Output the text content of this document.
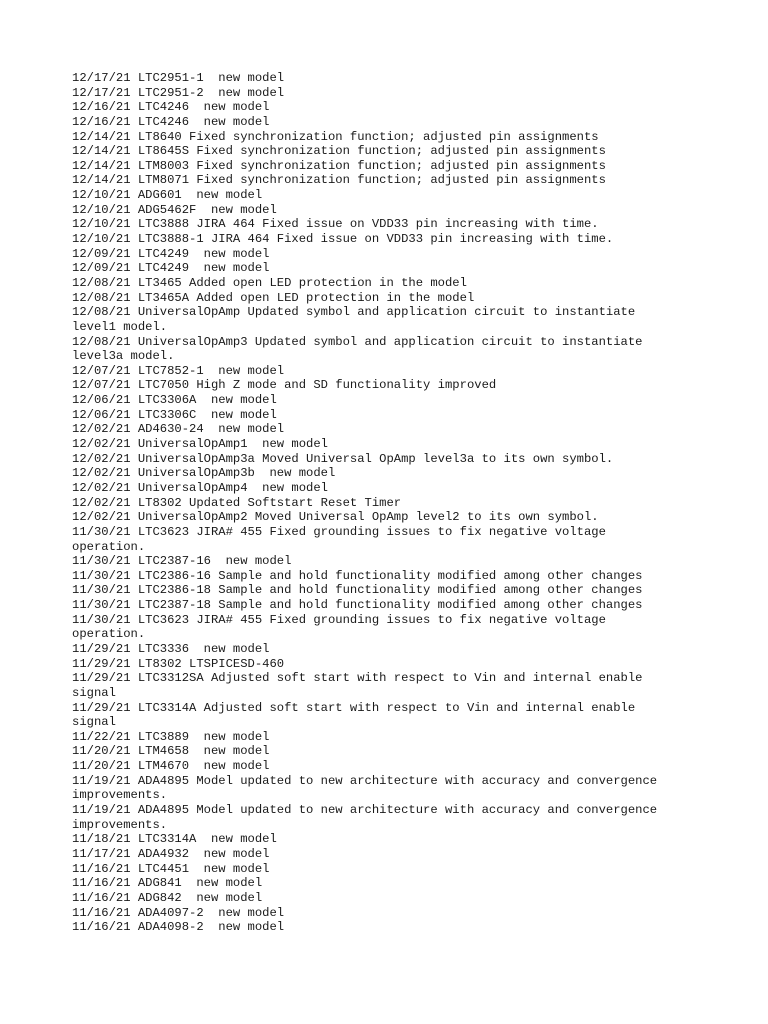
12/17/21 LTC2951-1  new model
12/17/21 LTC2951-2  new model
12/16/21 LTC4246  new model
12/16/21 LTC4246  new model
12/14/21 LT8640 Fixed synchronization function; adjusted pin assignments
12/14/21 LT8645S Fixed synchronization function; adjusted pin assignments
12/14/21 LTM8003 Fixed synchronization function; adjusted pin assignments
12/14/21 LTM8071 Fixed synchronization function; adjusted pin assignments
12/10/21 ADG601  new model
12/10/21 ADG5462F  new model
12/10/21 LTC3888 JIRA 464 Fixed issue on VDD33 pin increasing with time.
12/10/21 LTC3888-1 JIRA 464 Fixed issue on VDD33 pin increasing with time.
12/09/21 LTC4249  new model
12/09/21 LTC4249  new model
12/08/21 LT3465 Added open LED protection in the model
12/08/21 LT3465A Added open LED protection in the model
12/08/21 UniversalOpAmp Updated symbol and application circuit to instantiate
level1 model.
12/08/21 UniversalOpAmp3 Updated symbol and application circuit to instantiate
level3a model.
12/07/21 LTC7852-1  new model
12/07/21 LTC7050 High Z mode and SD functionality improved
12/06/21 LTC3306A  new model
12/06/21 LTC3306C  new model
12/02/21 AD4630-24  new model
12/02/21 UniversalOpAmp1  new model
12/02/21 UniversalOpAmp3a Moved Universal OpAmp level3a to its own symbol.
12/02/21 UniversalOpAmp3b  new model
12/02/21 UniversalOpAmp4  new model
12/02/21 LT8302 Updated Softstart Reset Timer
12/02/21 UniversalOpAmp2 Moved Universal OpAmp level2 to its own symbol.
11/30/21 LTC3623 JIRA# 455 Fixed grounding issues to fix negative voltage
operation.
11/30/21 LTC2387-16  new model
11/30/21 LTC2386-16 Sample and hold functionality modified among other changes
11/30/21 LTC2386-18 Sample and hold functionality modified among other changes
11/30/21 LTC2387-18 Sample and hold functionality modified among other changes
11/30/21 LTC3623 JIRA# 455 Fixed grounding issues to fix negative voltage
operation.
11/29/21 LTC3336  new model
11/29/21 LT8302 LTSPICESD-460
11/29/21 LTC3312SA Adjusted soft start with respect to Vin and internal enable
signal
11/29/21 LTC3314A Adjusted soft start with respect to Vin and internal enable
signal
11/22/21 LTC3889  new model
11/20/21 LTM4658  new model
11/20/21 LTM4670  new model
11/19/21 ADA4895 Model updated to new architecture with accuracy and convergence
improvements.
11/19/21 ADA4895 Model updated to new architecture with accuracy and convergence
improvements.
11/18/21 LTC3314A  new model
11/17/21 ADA4932  new model
11/16/21 LTC4451  new model
11/16/21 ADG841  new model
11/16/21 ADG842  new model
11/16/21 ADA4097-2  new model
11/16/21 ADA4098-2  new model
